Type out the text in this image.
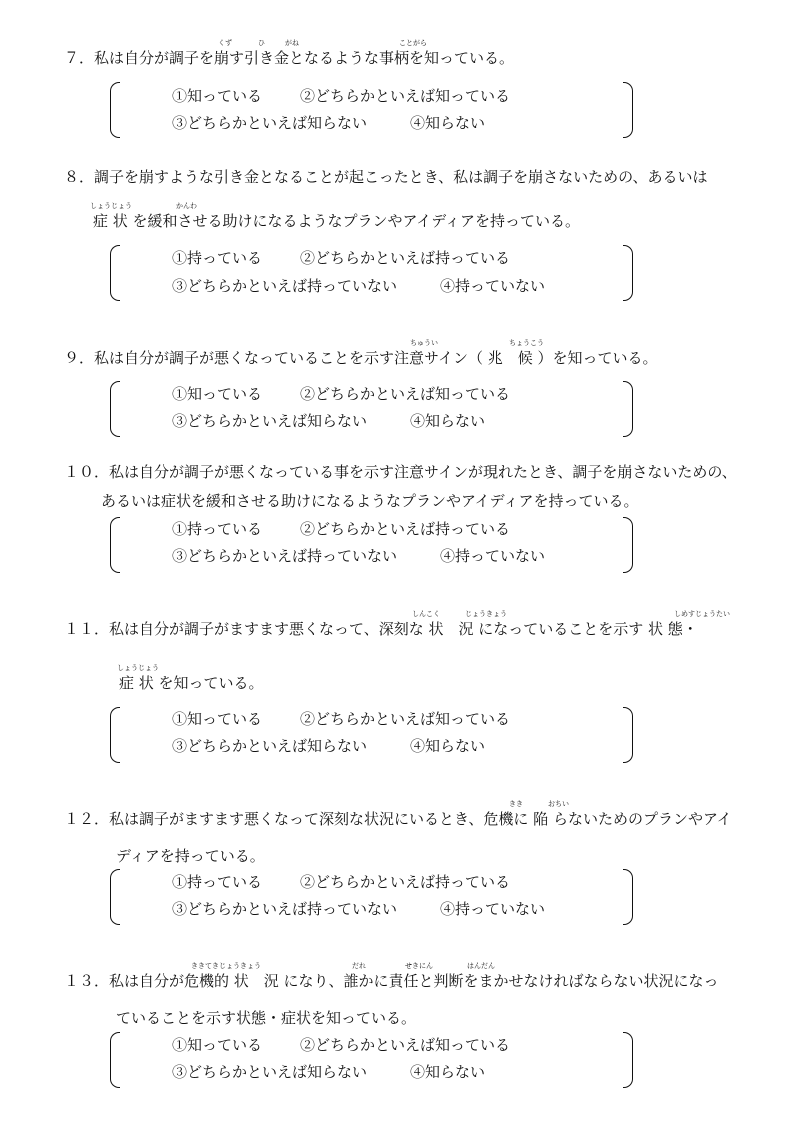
くず	ひ	がね	ことがら
７．私は自分が調子を崩す引き金となるような事柄を知っている。
①知っている	②どちらかといえば知っている
③どちらかといえば知らない	④知らない
８．調子を崩すような引き金となることが起こったとき、私は調子を崩さないための、あるいは
しょうじょう	かんわ
症 状 を緩和させる助けになるようなプランやアイディアを持っている。
①持っている	②どちらかといえば持っている
③どちらかといえば持っていない	④持っていない
ちゅうい	ちょうこう
９．私は自分が調子が悪くなっていることを示す注意サイン（ 兆　候 ）を知っている。
①知っている	②どちらかといえば知っている
③どちらかといえば知らない	④知らない
１０．私は自分が調子が悪くなっている事を示す注意サインが現れたとき、調子を崩さないための、
あるいは症状を緩和させる助けになるようなプランやアイディアを持っている。
①持っている	②どちらかといえば持っている
③どちらかといえば持っていない	④持っていない
しんこく	じょうきょう	しめすじょうたい
１１．私は自分が調子がますます悪くなって、深刻な 状　況 になっていることを示す 状 態・
しょうじょう
症 状 を知っている。
①知っている	②どちらかといえば知っている
③どちらかといえば知らない	④知らない
きき	おちい
１２．私は調子がますます悪くなって深刻な状況にいるとき、危機に 陥 らないためのプランやアイ
ディアを持っている。
①持っている	②どちらかといえば持っている
③どちらかといえば持っていない	④持っていない
ききてきじょうきょう	だれ	せきにん	はんだん
１３．私は自分が危機的 状　況 になり、誰かに責任と判断をまかせなければならない状況になっ
ていることを示す状態・症状を知っている。
①知っている	②どちらかといえば知っている
③どちらかといえば知らない	④知らない
